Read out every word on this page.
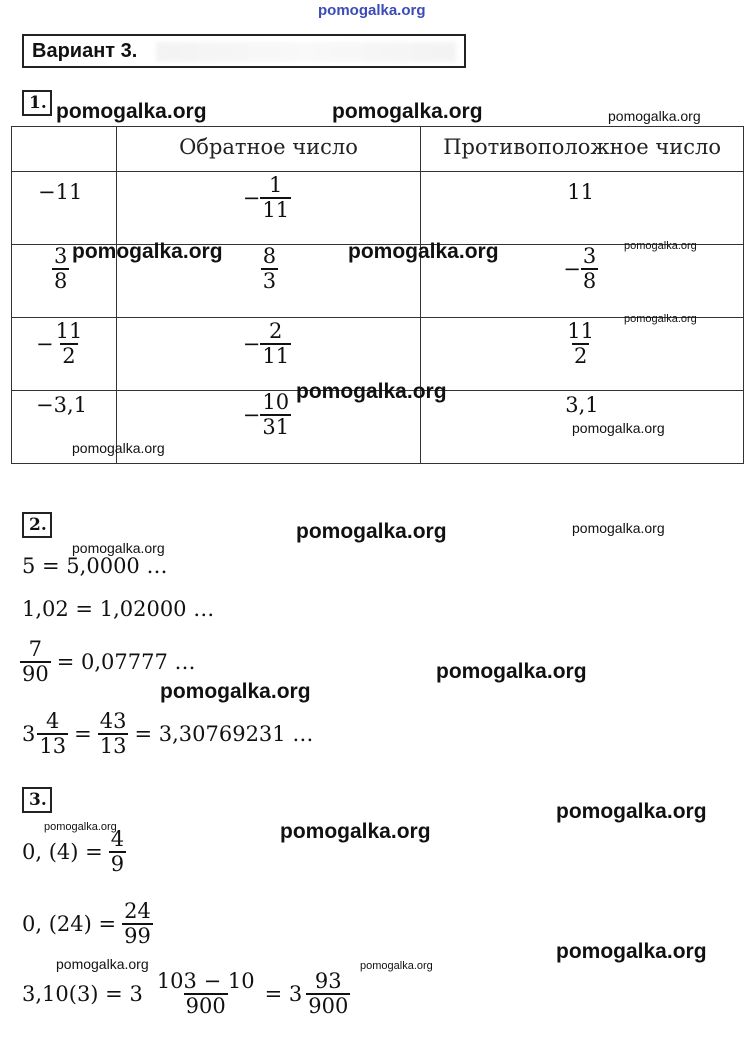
pomogalka.org
Вариант 3.
1.
	Обратное число	Противоположное число

−11	− $\frac{1}{11}$	11

$\frac{3}{8}$	$\frac{8}{3}$	− $\frac{3}{8}$

− $\frac{11}{2}$	− $\frac{2}{11}$	$\frac{11}{2}$

−3,1	− $\frac{10}{31}$	3,1
2.
5 = 5,0000 …
1,02 = 1,02000 …
$\frac{7}{90} = 0,07777$ …
$3 \frac{4}{13} = \frac{43}{13} = 3,30769231$ …
3.
0, $(4) = \frac{4}{9}$
0, $(24) = \frac{24}{99}$
$3,10(3) = 3 \frac{103 - 10}{900} = 3 \frac{93}{900}$
pomogalka.org	pomogalka.org	pomogalka.org
pomogalka.org	pomogalka.org	pomogalka.org
pomogalka.org
pomogalka.org
pomogalka.org
pomogalka.org
pomogalka.org	pomogalka.org
pomogalka.org
pomogalka.org
pomogalka.org
pomogalka.org
pomogalka.org	pomogalka.org
pomogalka.org
pomogalka.org	pomogalka.org
